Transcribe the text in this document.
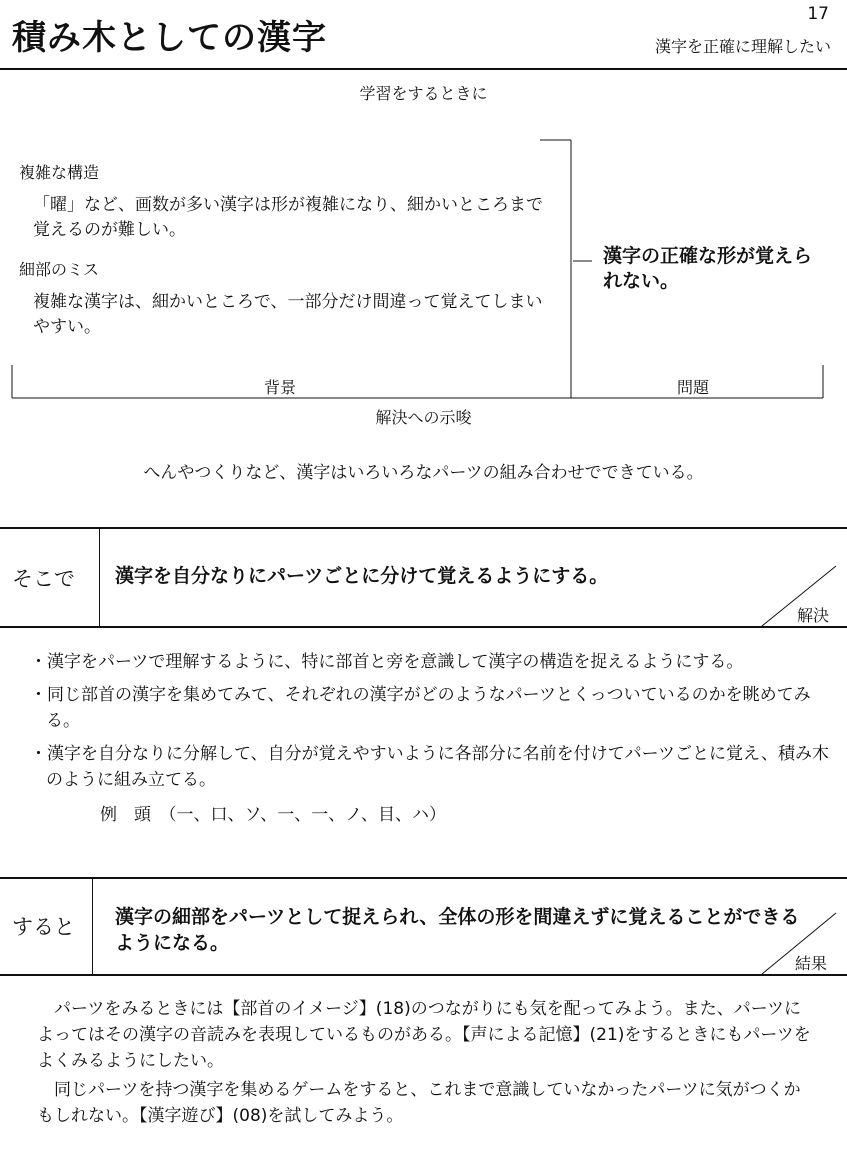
積み木としての漢字
17
漢字を正確に理解したい
学習をするときに
複雑な構造
「曜」など、画数が多い漢字は形が複雑になり、細かいところまで覚えるのが難しい。
細部のミス
複雑な漢字は、細かいところで、一部分だけ間違って覚えてしまいやすい。
漢字の正確な形が覚えられない。
背景	問題
解決への示唆
へんやつくりなど、漢字はいろいろなパーツの組み合わせでできている。
そこで 漢字を自分なりにパーツごとに分けて覚えるようにする。
解決
・漢字をパーツで理解するように、特に部首と旁を意識して漢字の構造を捉えるようにする。
・同じ部首の漢字を集めてみて、それぞれの漢字がどのようなパーツとくっついているのかを眺めてみる。
・漢字を自分なりに分解して、自分が覚えやすいように各部分に名前を付けてパーツごとに覚え、積み木のように組み立てる。
例　頭　（一、口、ソ、一、一、ノ、目、ハ）
すると 漢字の細部をパーツとして捉えられ、全体の形を間違えずに覚えることができるようになる。
結果
パーツをみるときには【部首のイメージ】(18)のつながりにも気を配ってみよう。また、パーツによってはその漢字の音読みを表現しているものがある。【声による記憶】(21)をするときにもパーツをよくみるようにしたい。
同じパーツを持つ漢字を集めるゲームをすると、これまで意識していなかったパーツに気がつくかもしれない。【漢字遊び】(08)を試してみよう。
